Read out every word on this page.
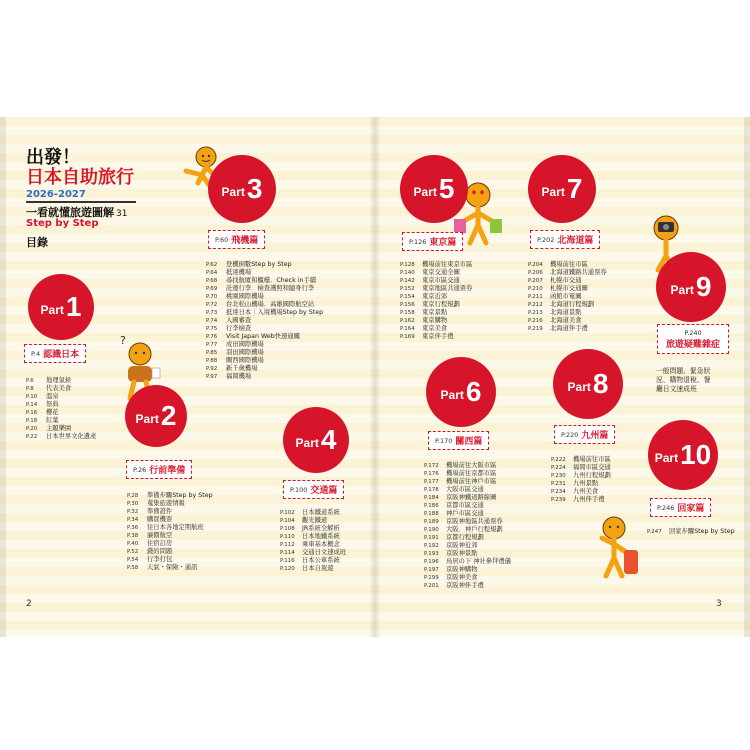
出發！
日本自助旅行
2026-2027
一看就懂旅遊圖解 31
Step by Step
目錄
?
Part 1
P.4 認識日本
P.6	地理氣候
P.8	代表美食
P.10	溫泉
P.14	祭典
P.16	櫻花
P.18	紅葉
P.20	主題樂園
P.22	日本世界文化遺產
Part 2
P.26 行前準備
P.28	準備步驟Step by Step
P.30	蒐集旅遊情報
P.32	準備證件
P.34	購買機票
P.36	往日本各地定期航班
P.38	廉價航空
P.40	住宿訂房
P.52	錢的問題
P.54	行李打包
P.58	天氣・保險・通訊
Part 3
P.60 飛機篇
P.62	登機倒數Step by Step
P.64	抵達機場
P.68	尋找航廈和櫃檯．Check in手續
P.69	託運行李．檢查護照和隨身行李
P.70	桃園國際機場
P.72	台北松山機場．高雄國際航空站
P.73	抵達日本｜入境機場Step by Step
P.74	入國審查
P.75	行李檢查
P.76	Visit Japan Web快速通關
P.77	成田國際機場
P.85	羽田國際機場
P.88	關西國際機場
P.92	新千歲機場
P.97	福岡機場
Part 4
P.100 交通篇
P.102	日本鐵道系統
P.104	觀光鐵道
P.108	JR系統全解析
P.110	日本地鐵系統
P.112	乘車基本概念
P.114	交通日文速成班
P.116	日本公車系統
P.120	日本自駕遊
Part 5
P.126 東京篇
P.128	機場前往東京市區
P.140	東京交通全圖
P.142	東京市區交通
P.152	東京地區共通票券
P.154	東京近郊
P.156	東京行程規劃
P.158	東京景點
P.162	東京購物
P.164	東京美食
P.169	東京伴手禮
Part 6
P.170 關西篇
P.172	機場前往大阪市區
P.176	機場前往京都市區
P.177	機場前往神戶市區
P.178	大阪市區交通
P.184	京阪神鐵道路線圖
P.186	京都市區交通
P.188	神戶市區交通
P.189	京阪神地區共通票券
P.190	大阪．神戶行程規劃
P.191	京都行程規劃
P.192	京阪神近郊
P.193	京阪神景點
P.196	鳥居の下 神社參拜禮儀
P.197	京阪神購物
P.199	京阪神美食
P.201	京阪神伴手禮
Part 7
P.202 北海道篇
P.204	機場前往市區
P.206	北海道鐵路共通票券
P.207	札幌市交通
P.210	札幌市交通圖
P.211	函館市電圖
P.212	北海道行程規劃
P.213	北海道景點
P.216	北海道美食
P.219	北海道伴手禮
Part 8
P.220 九州篇
P.222	機場前往市區
P.224	福岡市區交通
P.230	九州行程規劃
P.231	九州景點
P.234	九州美食
P.239	九州伴手禮
Part 9
P.240
旅遊疑難雜症
一般問題、緊急狀況、購物退稅、餐廳日文速成班
Part 10
P.246 回家篇
P.247	回家步驟Step by Step
2	3
